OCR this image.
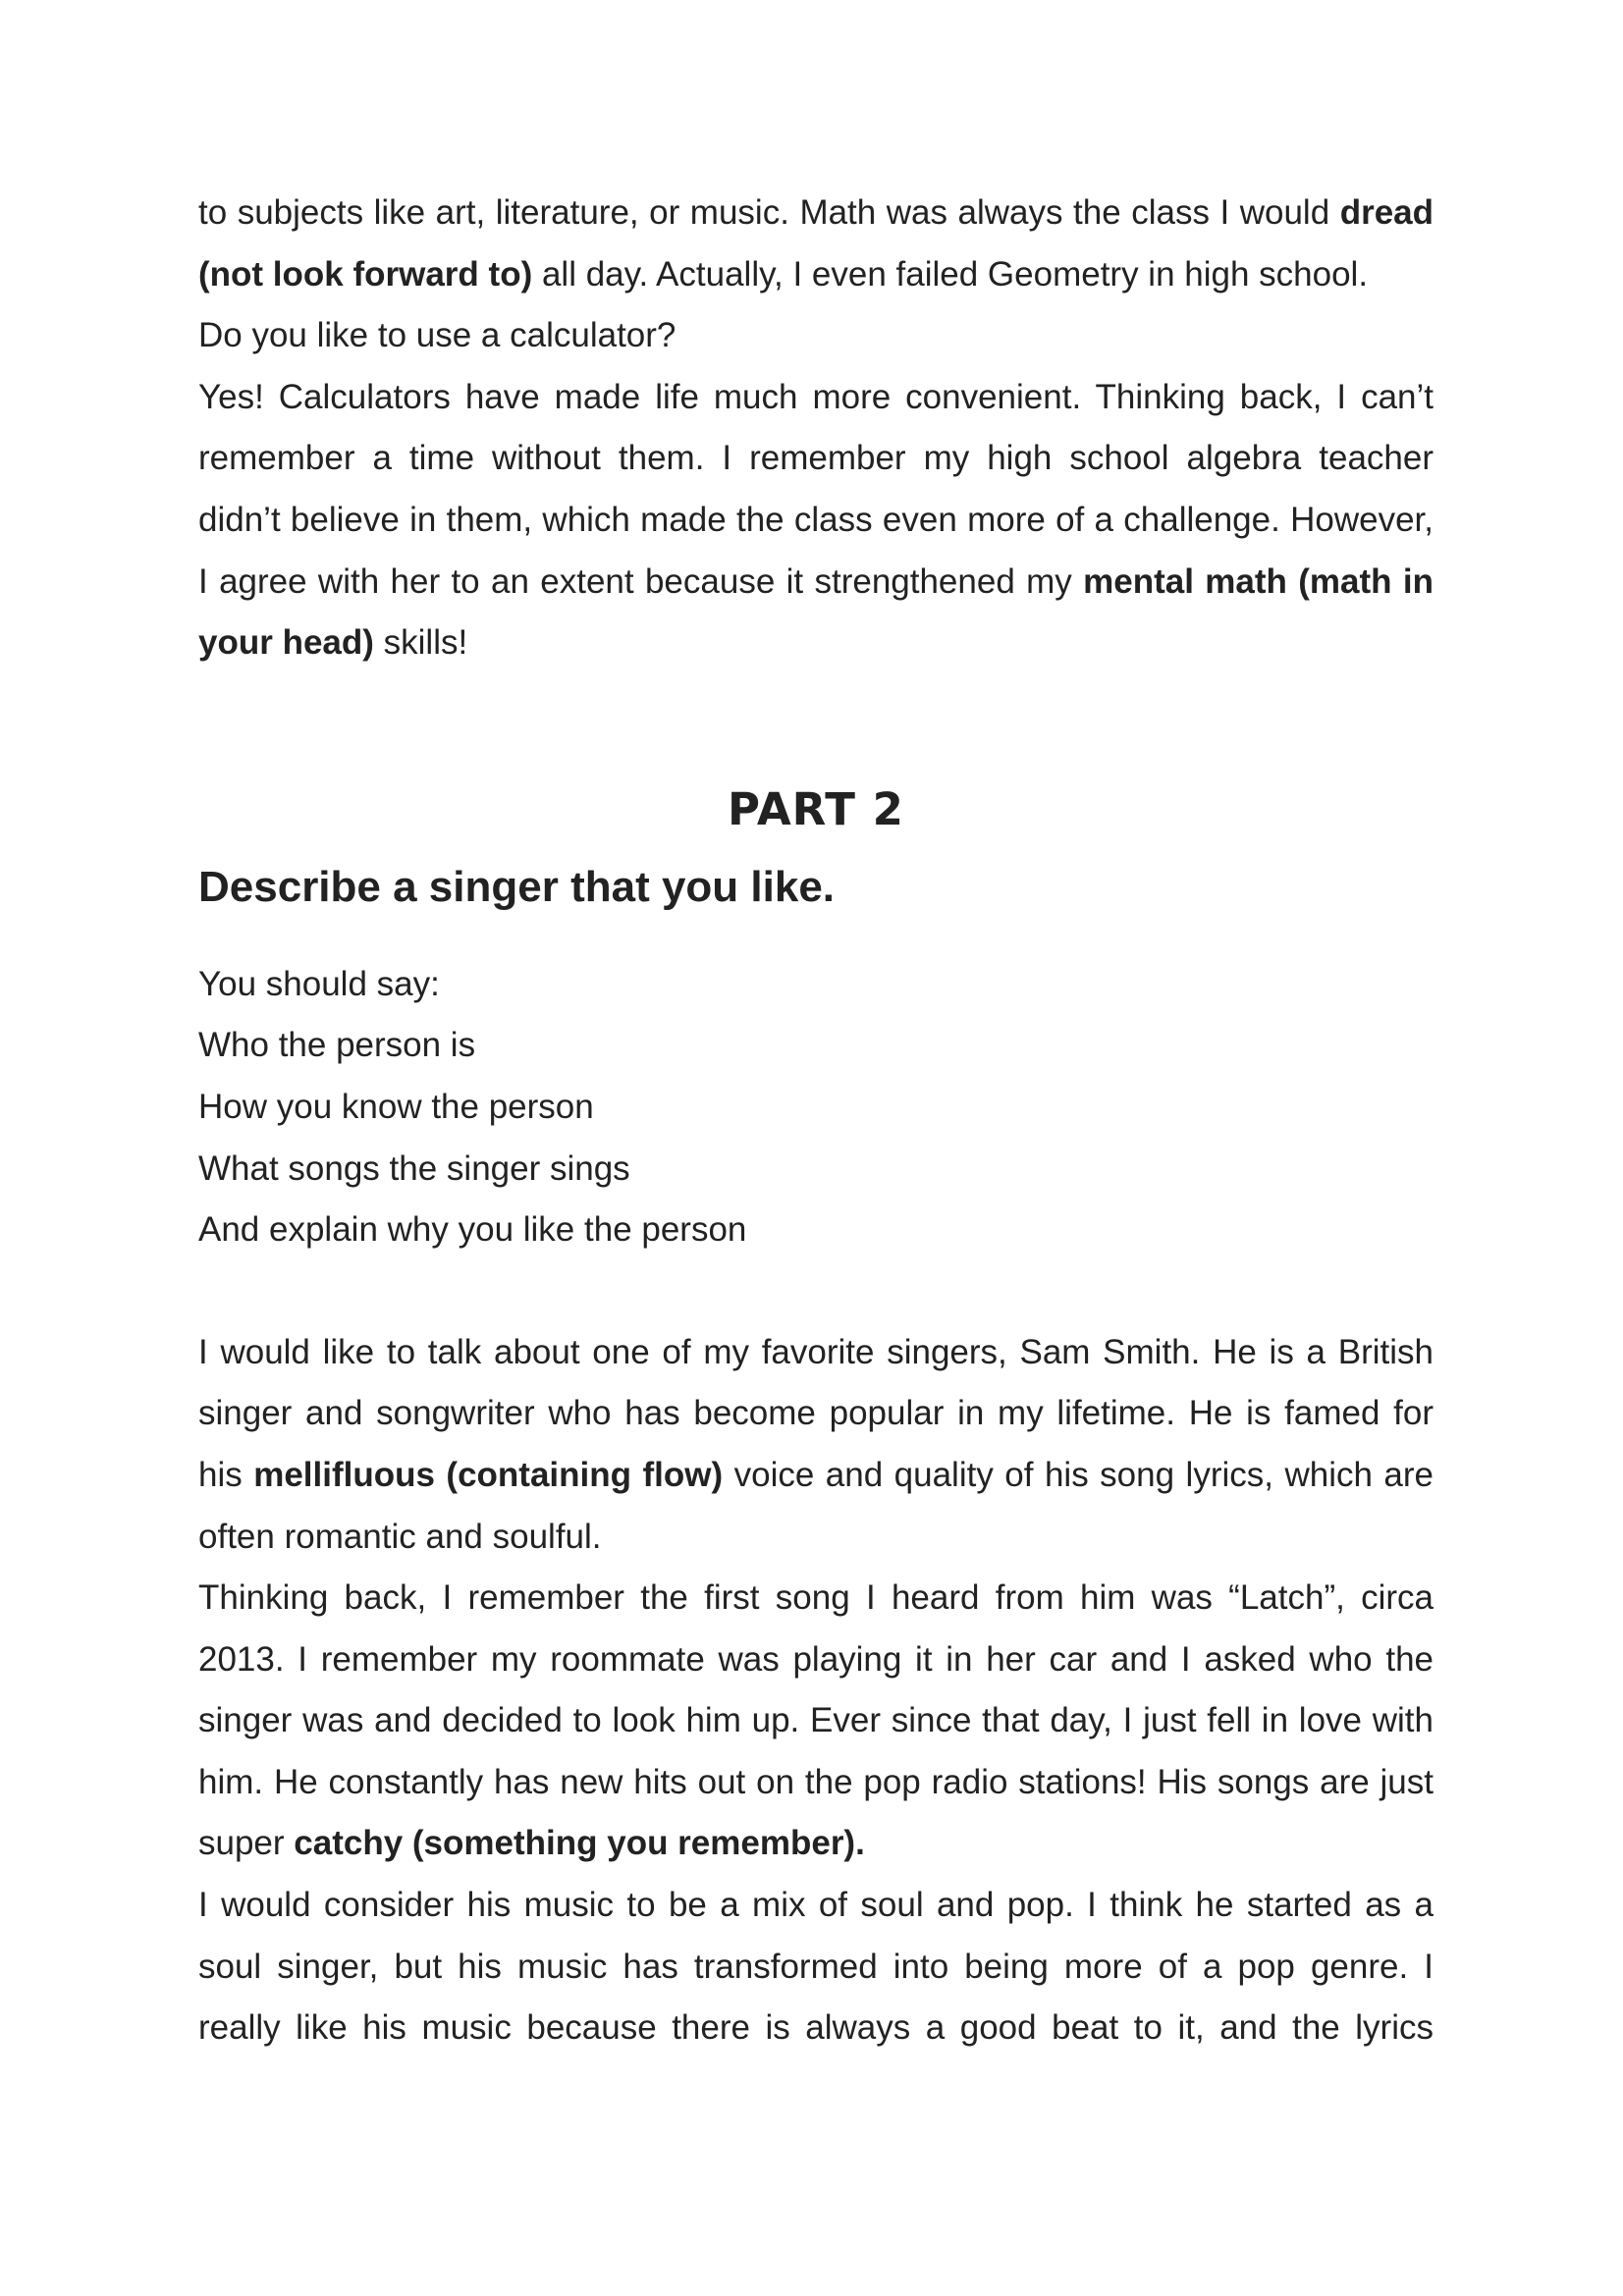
to subjects like art, literature, or music. Math was always the class I would dread (not look forward to) all day. Actually, I even failed Geometry in high school.

Do you like to use a calculator?

Yes! Calculators have made life much more convenient. Thinking back, I can’t remember a time without them. I remember my high school algebra teacher didn’t believe in them, which made the class even more of a challenge. However, I agree with her to an extent because it strengthened my mental math (math in your head) skills!

PART 2
Describe a singer that you like.

You should say:

Who the person is

How you know the person

What songs the singer sings

And explain why you like the person

I would like to talk about one of my favorite singers, Sam Smith. He is a British singer and songwriter who has become popular in my lifetime. He is famed for his mellifluous (containing flow) voice and quality of his song lyrics, which are often romantic and soulful.

Thinking back, I remember the first song I heard from him was “Latch”, circa 2013. I remember my roommate was playing it in her car and I asked who the singer was and decided to look him up. Ever since that day, I just fell in love with him. He constantly has new hits out on the pop radio stations! His songs are just super catchy (something you remember).

I would consider his music to be a mix of soul and pop. I think he started as a soul singer, but his music has transformed into being more of a pop genre. I really like his music because there is always a good beat to it, and the lyrics
